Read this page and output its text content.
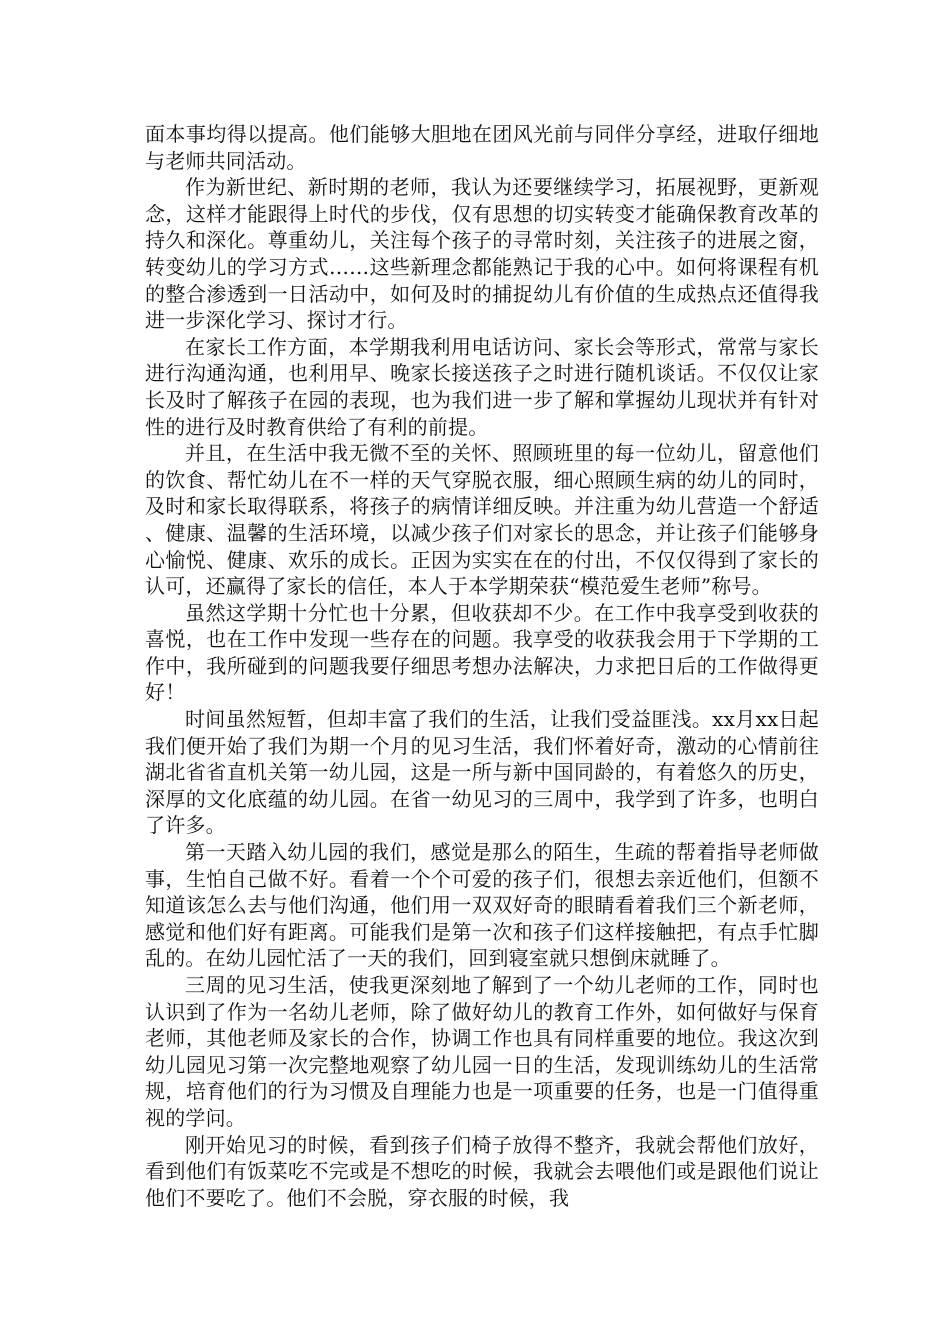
面本事均得以提高。他们能够大胆地在团风光前与同伴分享经，进取仔细地与老师共同活动。

作为新世纪、新时期的老师，我认为还要继续学习，拓展视野，更新观念，这样才能跟得上时代的步伐，仅有思想的切实转变才能确保教育改革的持久和深化。尊重幼儿，关注每个孩子的寻常时刻，关注孩子的进展之窗，转变幼儿的学习方式……这些新理念都能熟记于我的心中。如何将课程有机的整合渗透到一日活动中，如何及时的捕捉幼儿有价值的生成热点还值得我进一步深化学习、探讨才行。

在家长工作方面，本学期我利用电话访问、家长会等形式，常常与家长进行沟通沟通，也利用早、晚家长接送孩子之时进行随机谈话。不仅仅让家长及时了解孩子在园的表现，也为我们进一步了解和掌握幼儿现状并有针对性的进行及时教育供给了有利的前提。

并且，在生活中我无微不至的关怀、照顾班里的每一位幼儿，留意他们的饮食、帮忙幼儿在不一样的天气穿脱衣服，细心照顾生病的幼儿的同时，及时和家长取得联系，将孩子的病情详细反映。并注重为幼儿营造一个舒适、健康、温馨的生活环境，以减少孩子们对家长的思念，并让孩子们能够身心愉悦、健康、欢乐的成长。正因为实实在在的付出，不仅仅得到了家长的认可，还赢得了家长的信任，本人于本学期荣获“模范爱生老师”称号。

虽然这学期十分忙也十分累，但收获却不少。在工作中我享受到收获的喜悦，也在工作中发现一些存在的问题。我享受的收获我会用于下学期的工作中，我所碰到的问题我要仔细思考想办法解决，力求把日后的工作做得更好！

时间虽然短暂，但却丰富了我们的生活，让我们受益匪浅。xx月xx日起我们便开始了我们为期一个月的见习生活，我们怀着好奇，激动的心情前往湖北省省直机关第一幼儿园，这是一所与新中国同龄的，有着悠久的历史，深厚的文化底蕴的幼儿园。在省一幼见习的三周中，我学到了许多，也明白了许多。

第一天踏入幼儿园的我们，感觉是那么的陌生，生疏的帮着指导老师做事，生怕自己做不好。看着一个个可爱的孩子们，很想去亲近他们，但额不知道该怎么去与他们沟通，他们用一双双好奇的眼睛看着我们三个新老师，感觉和他们好有距离。可能我们是第一次和孩子们这样接触把，有点手忙脚乱的。在幼儿园忙活了一天的我们，回到寝室就只想倒床就睡了。

三周的见习生活，使我更深刻地了解到了一个幼儿老师的工作，同时也认识到了作为一名幼儿老师，除了做好幼儿的教育工作外，如何做好与保育老师，其他老师及家长的合作，协调工作也具有同样重要的地位。我这次到幼儿园见习第一次完整地观察了幼儿园一日的生活，发现训练幼儿的生活常规，培育他们的行为习惯及自理能力也是一项重要的任务，也是一门值得重视的学问。

刚开始见习的时候，看到孩子们椅子放得不整齐，我就会帮他们放好，看到他们有饭菜吃不完或是不想吃的时候，我就会去喂他们或是跟他们说让他们不要吃了。他们不会脱，穿衣服的时候，我
